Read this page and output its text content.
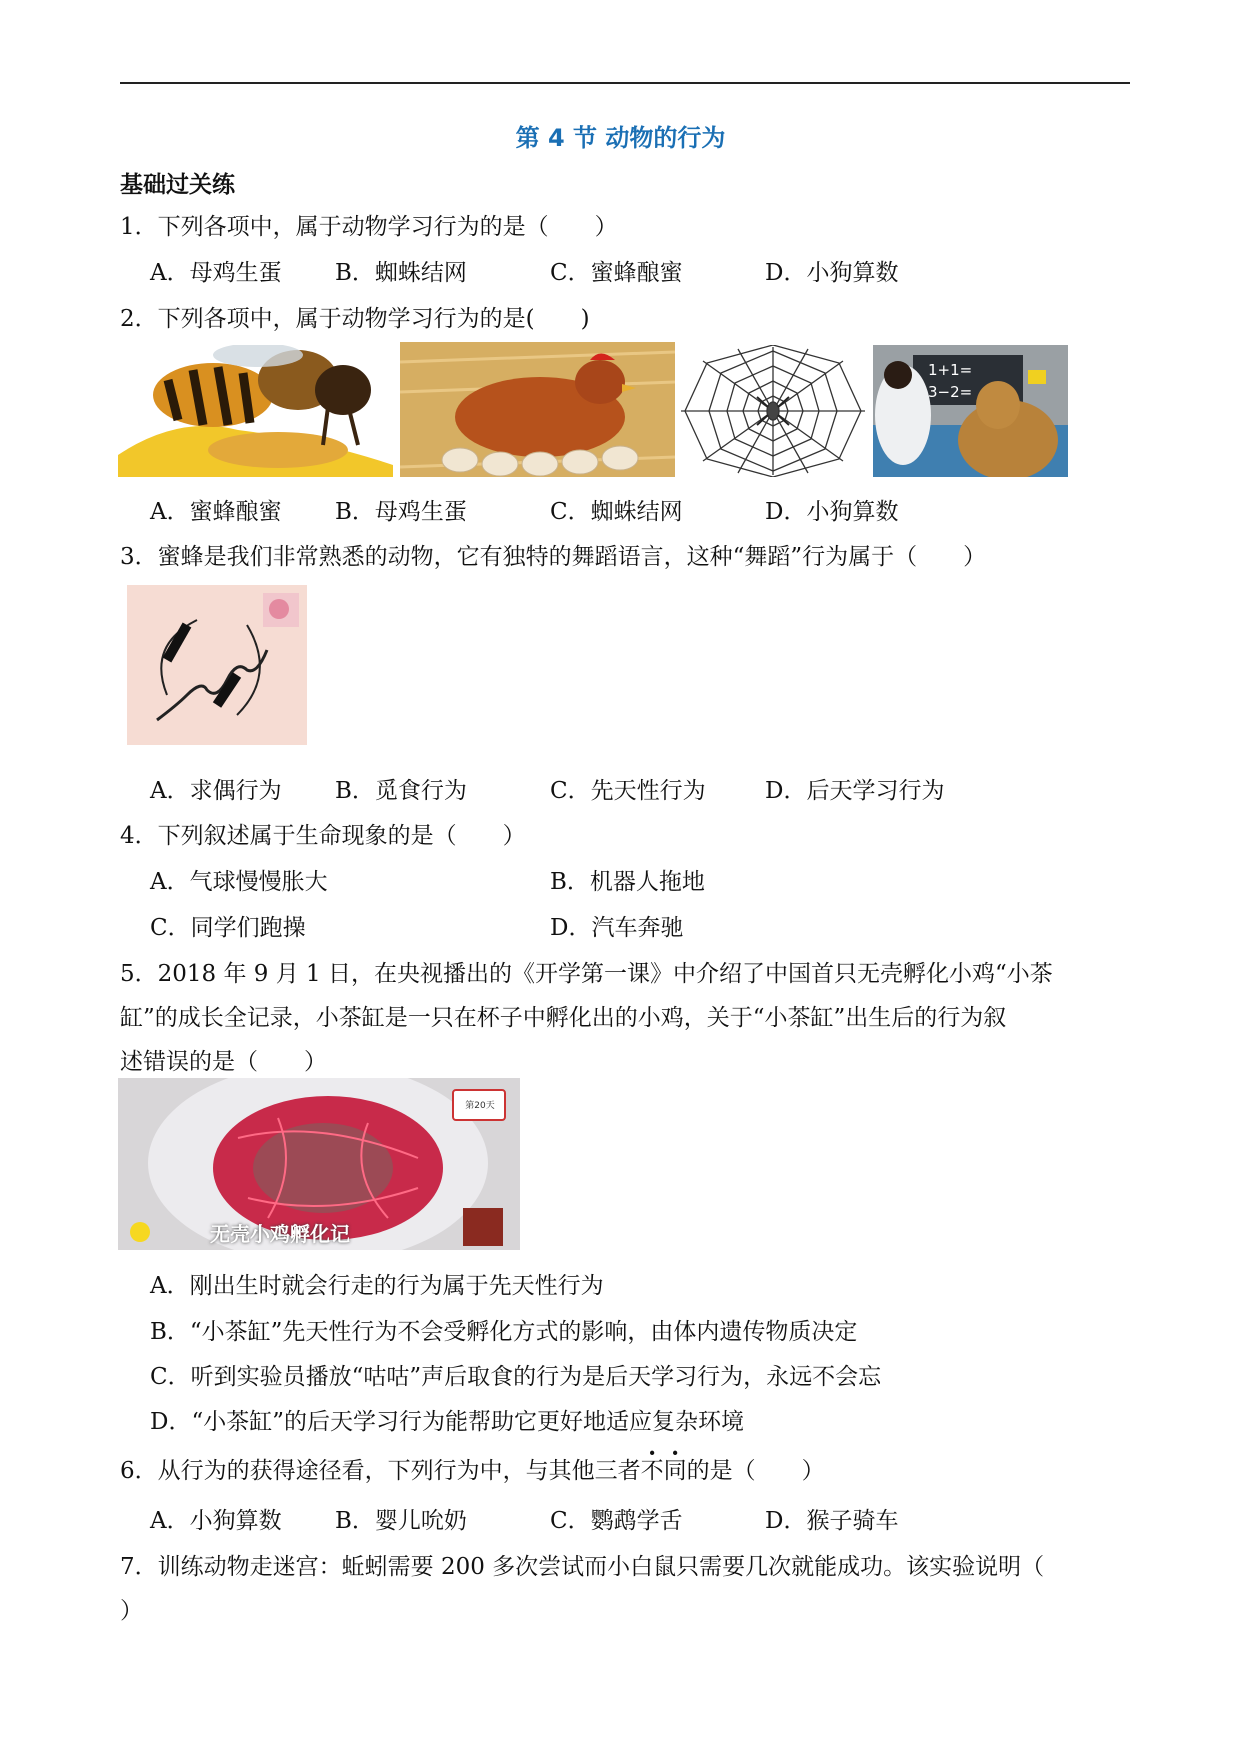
第 4 节 动物的行为
基础过关练
1．下列各项中，属于动物学习行为的是（　　）
A．母鸡生蛋 B．蜘蛛结网	C．蜜蜂酿蜜	D．小狗算数
2．下列各项中，属于动物学习行为的是(　　)
1+1=
3−2=
A．蜜蜂酿蜜 B．母鸡生蛋	C．蜘蛛结网	D．小狗算数
3．蜜蜂是我们非常熟悉的动物，它有独特的舞蹈语言，这种“舞蹈”行为属于（　　）
A．求偶行为 B．觅食行为	C．先天性行为	D．后天学习行为
4．下列叙述属于生命现象的是（　　）
A．气球慢慢胀大	B．机器人拖地
C．同学们跑操	D．汽车奔驰
5．2018 年 9 月 1 日，在央视播出的《开学第一课》中介绍了中国首只无壳孵化小鸡“小茶
缸”的成长全记录，小茶缸是一只在杯子中孵化出的小鸡，关于“小茶缸”出生后的行为叙
述错误的是（　　）
第20天
无壳小鸡孵化记
A．刚出生时就会行走的行为属于先天性行为
B．“小茶缸”先天性行为不会受孵化方式的影响，由体内遗传物质决定
C．听到实验员播放“咕咕”声后取食的行为是后天学习行为，永远不会忘
D．“小茶缸”的后天学习行为能帮助它更好地适应复杂环境
6．从行为的获得途径看，下列行为中，与其他三者不同的是（　　）
A．小狗算数 B．婴儿吮奶	C．鹦鹉学舌	D．猴子骑车
7．训练动物走迷宫：蚯蚓需要 200 多次尝试而小白鼠只需要几次就能成功。该实验说明（
）
